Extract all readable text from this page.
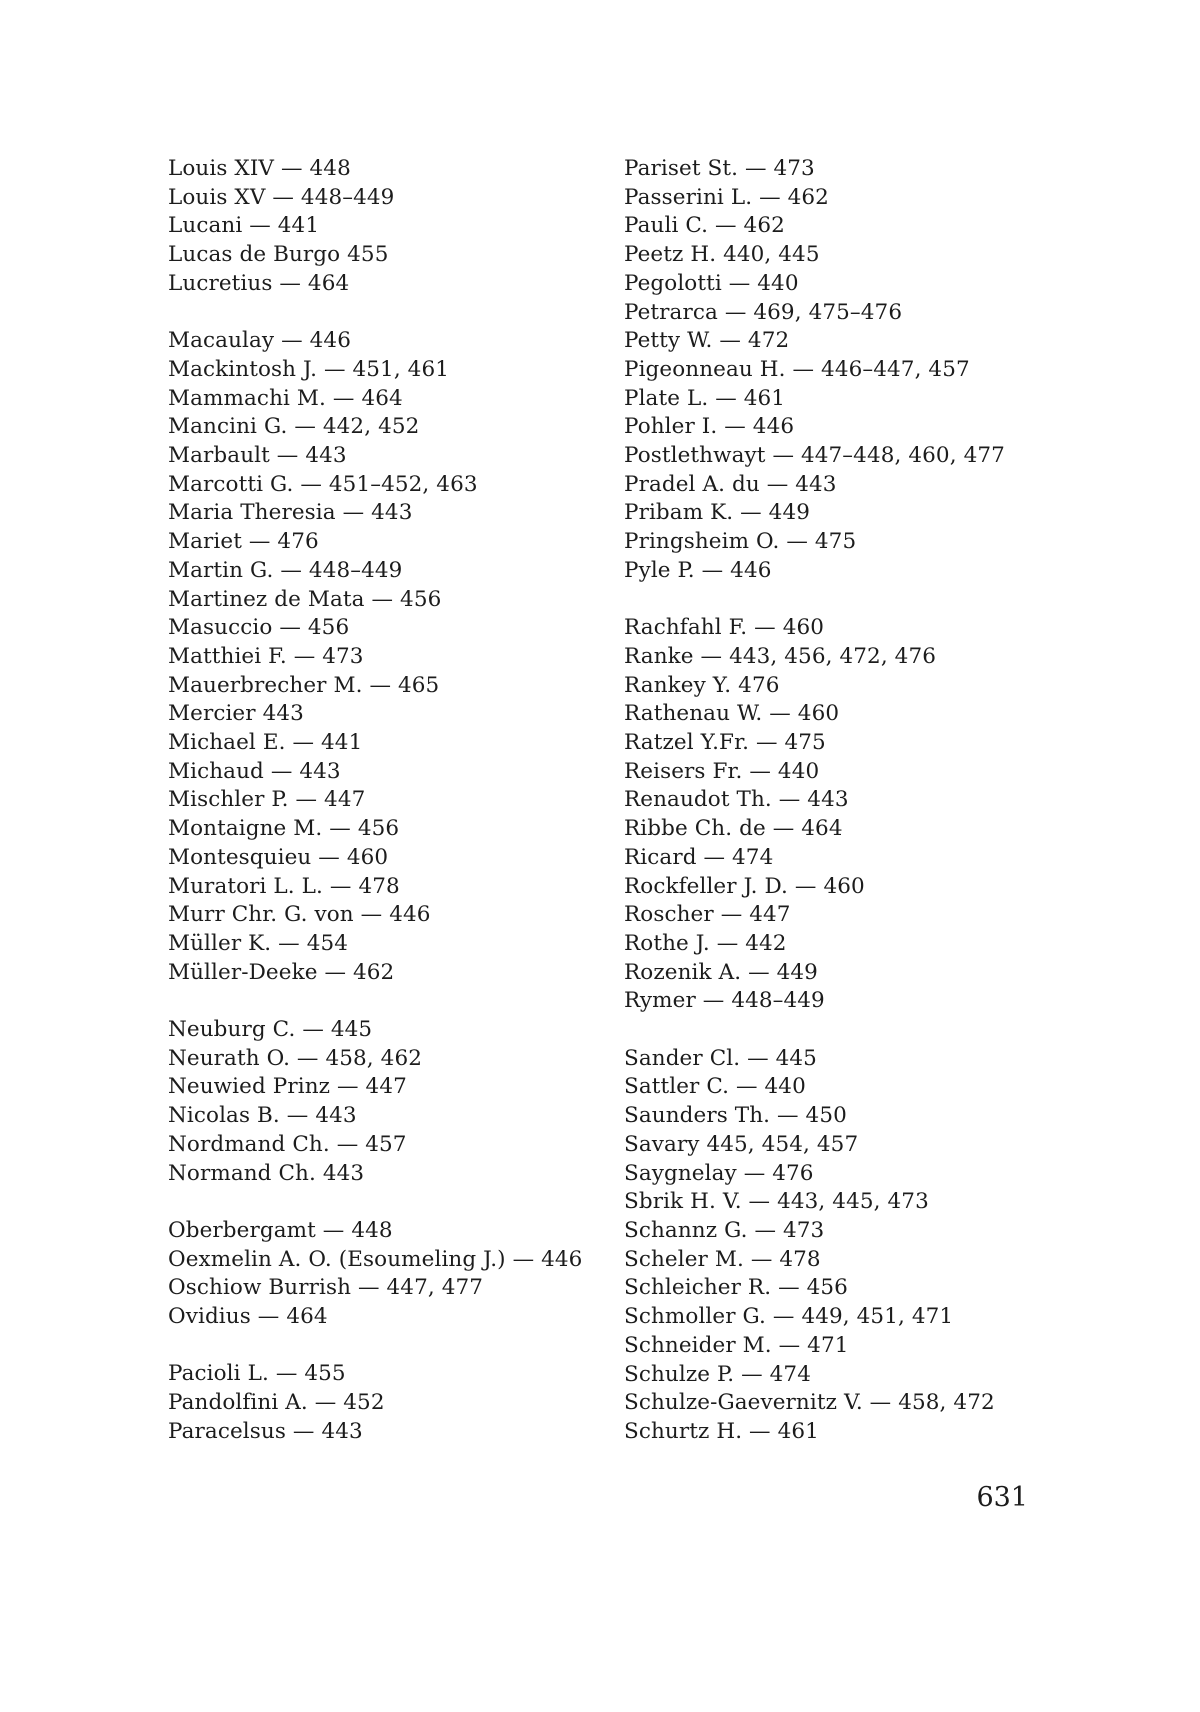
Louis XIV — 448
Louis XV — 448–449
Lucani — 441
Lucas de Burgo 455
Lucretius — 464
Macaulay — 446
Mackintosh J. — 451, 461
Mammachi M. — 464
Mancini G. — 442, 452
Marbault — 443
Marcotti G. — 451–452, 463
Maria Theresia — 443
Mariet — 476
Martin G. — 448–449
Martinez de Mata — 456
Masuccio — 456
Matthiei F. — 473
Mauerbrecher M. — 465
Mercier 443
Michael E. — 441
Michaud — 443
Mischler P. — 447
Montaigne M. — 456
Montesquieu — 460
Muratori L. L. — 478
Murr Chr. G. von — 446
Müller K. — 454
Müller-Deeke — 462
Neuburg C. — 445
Neurath O. — 458, 462
Neuwied Prinz — 447
Nicolas B. — 443
Nordmand Ch. — 457
Normand Ch. 443
Oberbergamt — 448
Oexmelin A. O. (Esoumeling J.) — 446
Oschiow Burrish — 447, 477
Ovidius — 464
Pacioli L. — 455
Pandolfini A. — 452
Paracelsus — 443
Pariset St. — 473
Passerini L. — 462
Pauli C. — 462
Peetz H. 440, 445
Pegolotti — 440
Petrarca — 469, 475–476
Petty W. — 472
Pigeonneau H. — 446–447, 457
Plate L. — 461
Pohler I. — 446
Postlethwayt — 447–448, 460, 477
Pradel A. du — 443
Pribam K. — 449
Pringsheim O. — 475
Pyle P. — 446
Rachfahl F. — 460
Ranke — 443, 456, 472, 476
Rankey Y. 476
Rathenau W. — 460
Ratzel Y.Fr. — 475
Reisers Fr. — 440
Renaudot Th. — 443
Ribbe Ch. de — 464
Ricard — 474
Rockfeller J. D. — 460
Roscher — 447
Rothe J. — 442
Rozenik A. — 449
Rymer — 448–449
Sander Cl. — 445
Sattler C. — 440
Saunders Th. — 450
Savary 445, 454, 457
Saygnelay — 476
Sbrik H. V. — 443, 445, 473
Schannz G. — 473
Scheler M. — 478
Schleicher R. — 456
Schmoller G. — 449, 451, 471
Schneider M. — 471
Schulze P. — 474
Schulze-Gaevernitz V. — 458, 472
Schurtz H. — 461
631
